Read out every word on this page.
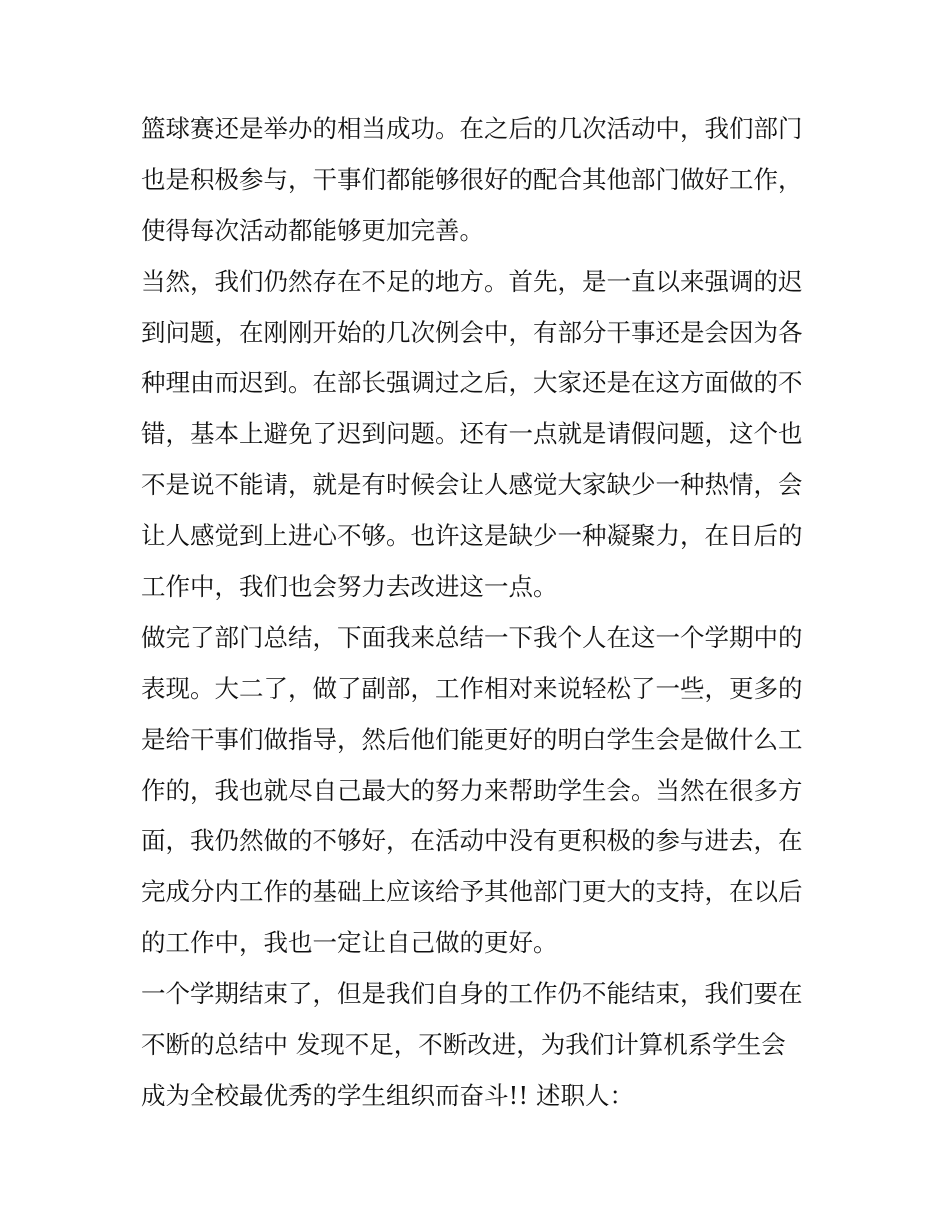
篮球赛还是举办的相当成功。在之后的几次活动中，我们部门
也是积极参与，干事们都能够很好的配合其他部门做好工作，
使得每次活动都能够更加完善。
当然，我们仍然存在不足的地方。首先，是一直以来强调的迟
到问题，在刚刚开始的几次例会中，有部分干事还是会因为各
种理由而迟到。在部长强调过之后，大家还是在这方面做的不
错，基本上避免了迟到问题。还有一点就是请假问题，这个也
不是说不能请，就是有时候会让人感觉大家缺少一种热情，会
让人感觉到上进心不够。也许这是缺少一种凝聚力，在日后的
工作中，我们也会努力去改进这一点。
做完了部门总结，下面我来总结一下我个人在这一个学期中的
表现。大二了，做了副部，工作相对来说轻松了一些，更多的
是给干事们做指导，然后他们能更好的明白学生会是做什么工
作的，我也就尽自己最大的努力来帮助学生会。当然在很多方
面，我仍然做的不够好，在活动中没有更积极的参与进去，在
完成分内工作的基础上应该给予其他部门更大的支持，在以后
的工作中，我也一定让自己做的更好。
一个学期结束了，但是我们自身的工作仍不能结束，我们要在
不断的总结中 发现不足，不断改进，为我们计算机系学生会
成为全校最优秀的学生组织而奋斗!! 述职人：
